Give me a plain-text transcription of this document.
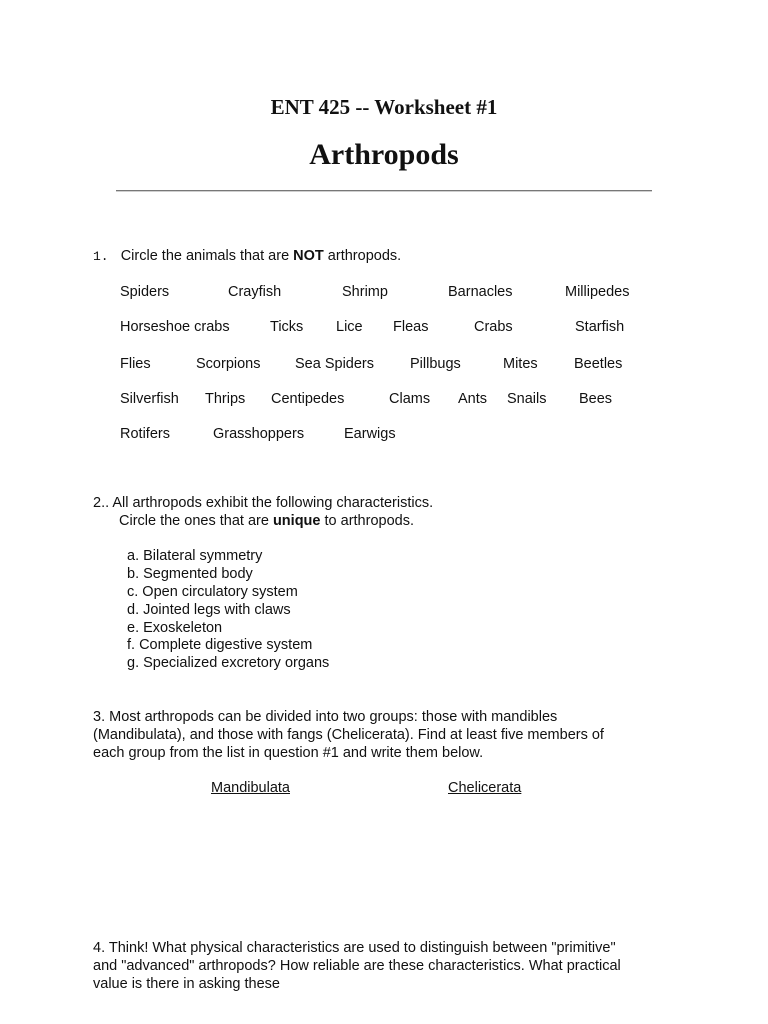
ENT 425 -- Worksheet #1
Arthropods
1. Circle the animals that are NOT arthropods.
Spiders	Crayfish	Shrimp	Barnacles	Millipedes
Horseshoe crabs	Ticks Lice Fleas	Crabs	Starfish
Flies	Scorpions Sea Spiders Pillbugs	Mites	Beetles
Silverfish Thrips Centipedes	Clams Ants Snails Bees
Rotifers	Grasshoppers	Earwigs
2.. All arthropods exhibit the following characteristics.
Circle the ones that are unique to arthropods.
a. Bilateral symmetry
b. Segmented body
c. Open circulatory system
d. Jointed legs with claws
e. Exoskeleton
f. Complete digestive system
g. Specialized excretory organs
3. Most arthropods can be divided into two groups: those with mandibles
(Mandibulata), and those with fangs (Chelicerata). Find at least five members of
each group from the list in question #1 and write them below.
Mandibulata	Chelicerata
4. Think! What physical characteristics are used to distinguish between "primitive"
and "advanced" arthropods? How reliable are these characteristics. What practical
value is there in asking these
